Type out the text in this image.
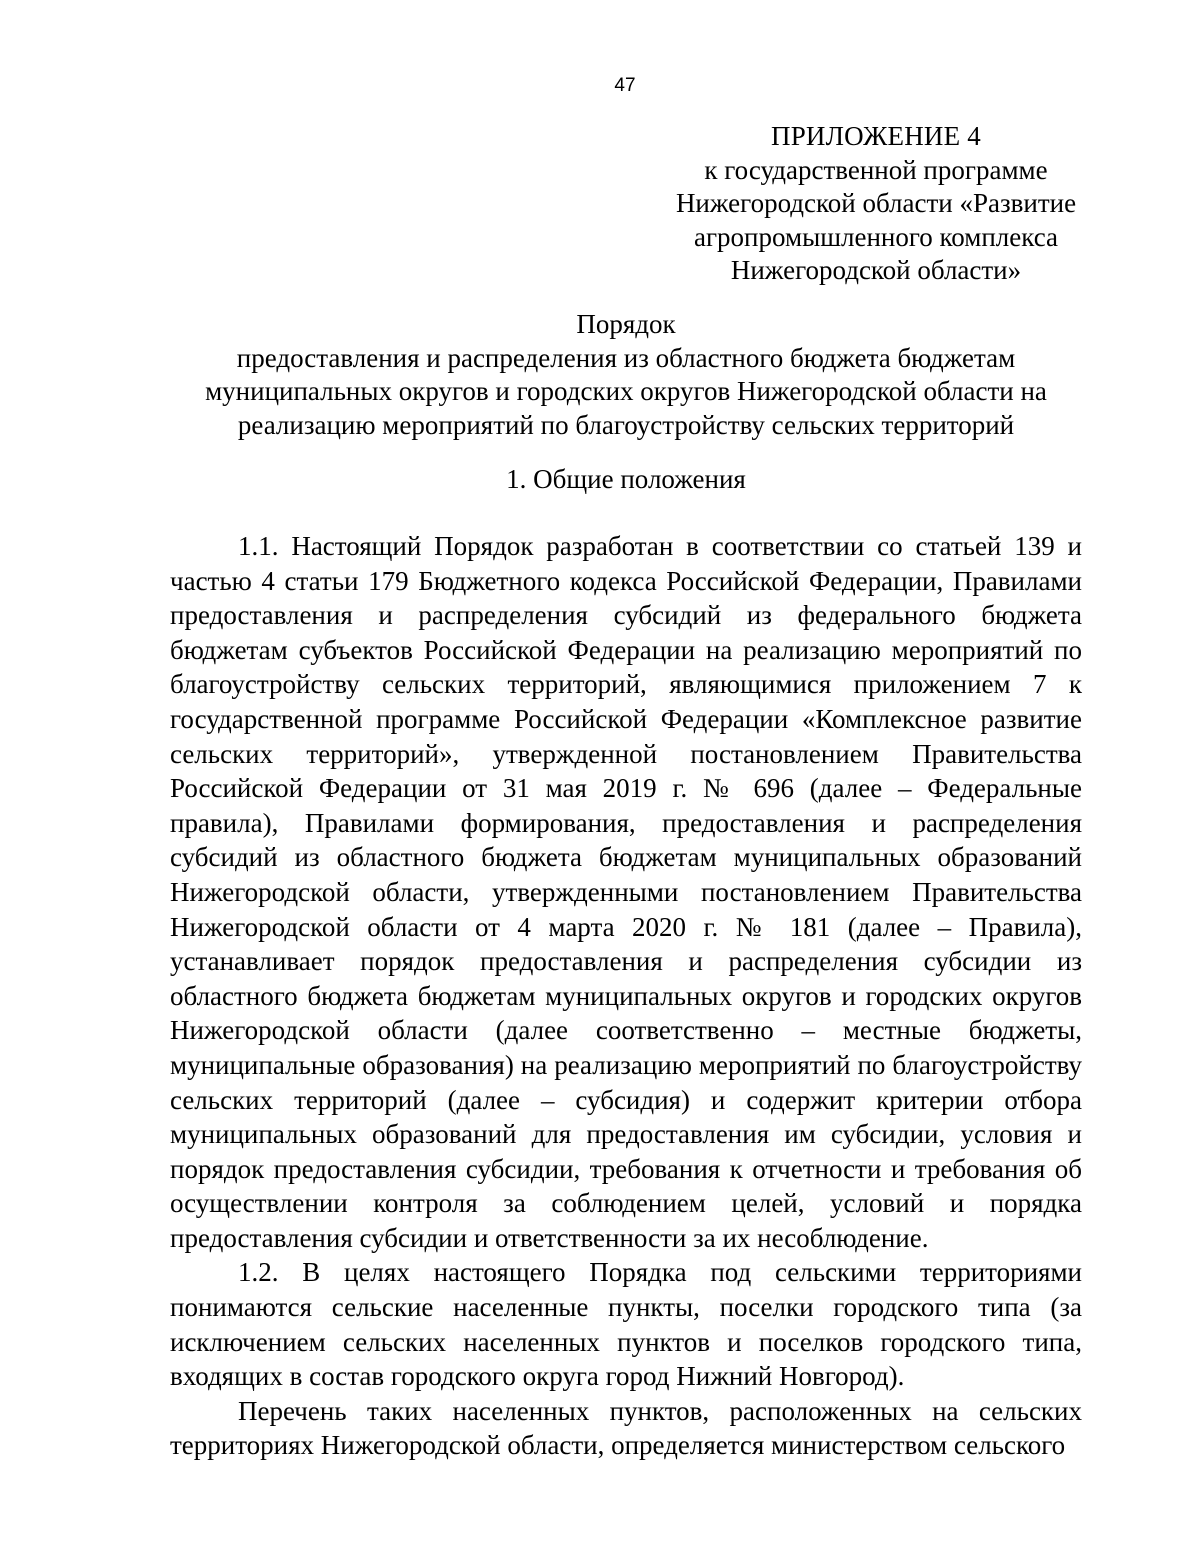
47
ПРИЛОЖЕНИЕ 4
к государственной программе
Нижегородской области «Развитие
агропромышленного комплекса
Нижегородской области»
Порядок
предоставления и распределения из областного бюджета бюджетам
муниципальных округов и городских округов Нижегородской области на
реализацию мероприятий по благоустройству сельских территорий
1. Общие положения

1.1. Настоящий Порядок разработан в соответствии со статьей 139 и частью 4 статьи 179 Бюджетного кодекса Российской Федерации, Правилами предоставления и распределения субсидий из федерального бюджета бюджетам субъектов Российской Федерации на реализацию мероприятий по благоустройству сельских территорий, являющимися приложением 7 к государственной программе Российской Федерации «Комплексное развитие сельских территорий», утвержденной постановлением Правительства Российской Федерации от 31 мая 2019 г. № 696 (далее – Федеральные правила), Правилами формирования, предоставления и распределения субсидий из областного бюджета бюджетам муниципальных образований Нижегородской области, утвержденными постановлением Правительства Нижегородской области от 4 марта 2020 г. № 181 (далее – Правила), устанавливает порядок предоставления и распределения субсидии из областного бюджета бюджетам муниципальных округов и городских округов Нижегородской области (далее соответственно – местные бюджеты, муниципальные образования) на реализацию мероприятий по благоустройству сельских территорий (далее – субсидия) и содержит критерии отбора муниципальных образований для предоставления им субсидии, условия и порядок предоставления субсидии, требования к отчетности и требования об осуществлении контроля за соблюдением целей, условий и порядка предоставления субсидии и ответственности за их несоблюдение.

1.2. В целях настоящего Порядка под сельскими территориями понимаются сельские населенные пункты, поселки городского типа (за исключением сельских населенных пунктов и поселков городского типа, входящих в состав городского округа город Нижний Новгород).

Перечень таких населенных пунктов, расположенных на сельских территориях Нижегородской области, определяется министерством сельского
